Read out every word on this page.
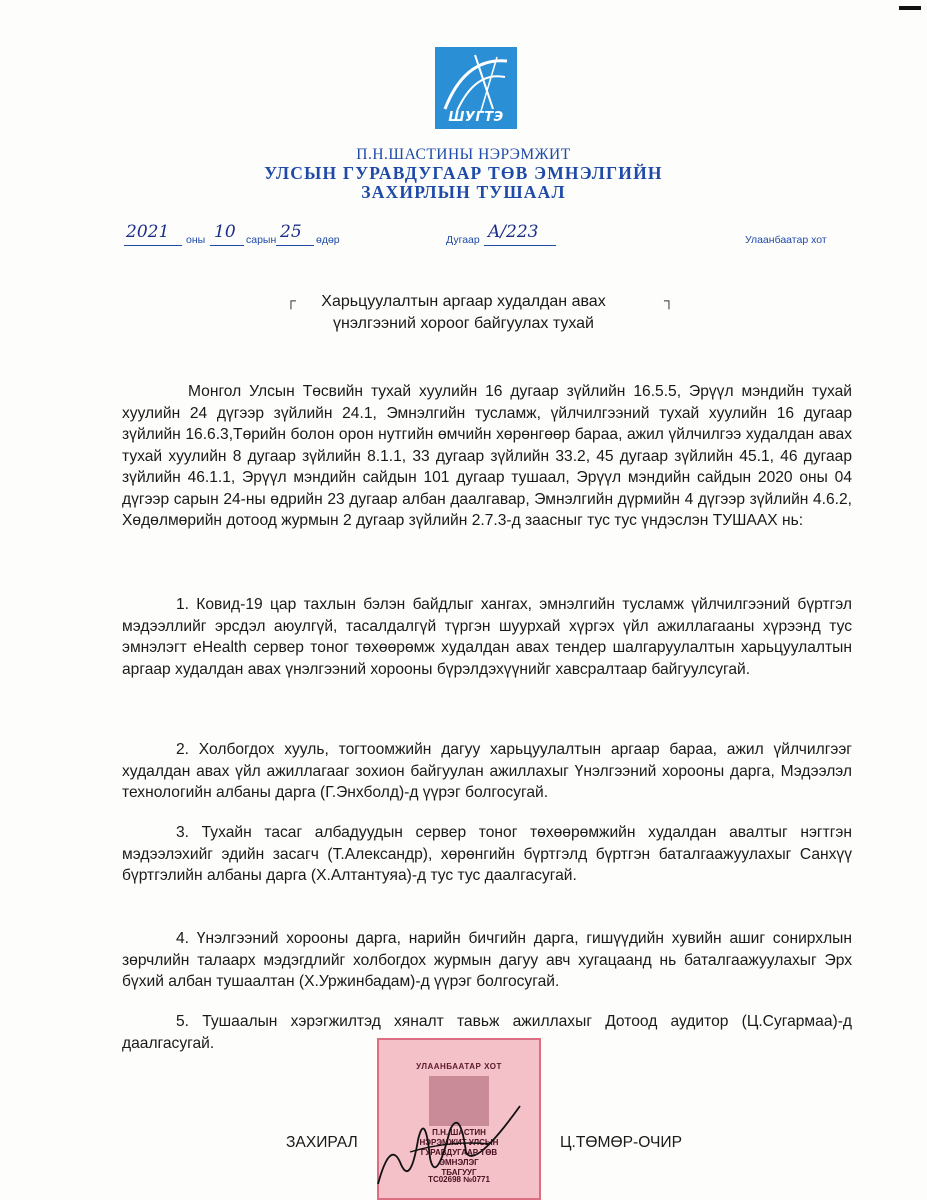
ШУГТЭ
П.Н.ШАСТИНЫ НЭРЭМЖИТ
УЛСЫН ГУРАВДУГААР ТӨВ ЭМНЭЛГИЙН
ЗАХИРЛЫН ТУШААЛ
2021 оны 10 сарын 25 өдөр	Дугаар A/223	Улаанбаатар хот
┌	┐
Харьцуулалтын аргаар худалдан авах
үнэлгээний хороог байгуулах тухай

Монгол Улсын Төсвийн тухай хуулийн 16 дугаар зүйлийн 16.5.5, Эрүүл мэндийн тухай хуулийн 24 дүгээр зүйлийн 24.1, Эмнэлгийн тусламж, үйлчилгээний тухай хуулийн 16 дугаар зүйлийн 16.6.3,Төрийн болон орон нутгийн өмчийн хөрөнгөөр бараа, ажил үйлчилгээ худалдан авах тухай хуулийн 8 дугаар зүйлийн 8.1.1, 33 дугаар зүйлийн 33.2, 45 дугаар зүйлийн 45.1, 46 дугаар зүйлийн 46.1.1, Эрүүл мэндийн сайдын 101 дугаар тушаал, Эрүүл мэндийн сайдын 2020 оны 04 дүгээр сарын 24-ны өдрийн 23 дугаар албан даалгавар, Эмнэлгийн дүрмийн 4 дүгээр зүйлийн 4.6.2, Хөдөлмөрийн дотоод журмын 2 дугаар зүйлийн 2.7.3-д заасныг тус тус үндэслэн ТУШААХ нь:

1. Ковид-19 цар тахлын бэлэн байдлыг хангах, эмнэлгийн тусламж үйлчилгээний бүртгэл мэдээллийг эрсдэл аюулгүй, тасалдалгүй түргэн шуурхай хүргэх үйл ажиллагааны хүрээнд тус эмнэлэгт eHealth сервер тоног төхөөрөмж худалдан авах тендер шалгаруулалтын харьцуулалтын аргаар худалдан авах үнэлгээний хорооны бүрэлдэхүүнийг хавсралтаар байгуулсугай.

2. Холбогдох хууль, тогтоомжийн дагуу харьцуулалтын аргаар бараа, ажил үйлчилгээг худалдан авах үйл ажиллагааг зохион байгуулан ажиллахыг Үнэлгээний хорооны дарга, Мэдээлэл технологийн албаны дарга (Г.Энхболд)-д үүрэг болгосугай.

3. Тухайн тасаг албадуудын сервер тоног төхөөрөмжийн худалдан авалтыг нэгтгэн мэдээлэхийг эдийн засагч (Т.Александр), хөрөнгийн бүртгэлд бүртгэн баталгаажуулахыг Санхүү бүртгэлийн албаны дарга (Х.Алтантуяа)-д тус тус даалгасугай.

4. Үнэлгээний хорооны дарга, нарийн бичгийн дарга, гишүүдийн хувийн ашиг сонирхлын зөрчлийн талаарх мэдэгдлийг холбогдох журмын дагуу авч хугацаанд нь баталгаажуулахыг Эрх бүхий албан тушаалтан (Х.Уржинбадам)-д үүрэг болгосугай.

5. Тушаалын хэрэгжилтэд хяналт тавьж ажиллахыг Дотоод аудитор (Ц.Сугармаа)-д даалгасугай.

УЛААНБААТАР ХОТ
П.Н. ШАСТИН
НЭРЭМЖИТ УЛСЫН
ГУРАВДУГААР ТӨВ
ЭМНЭЛЭГ
ТБАГУУГ
ТС02698 №0771
ЗАХИРАЛ	Ц.ТӨМӨР-ОЧИР
